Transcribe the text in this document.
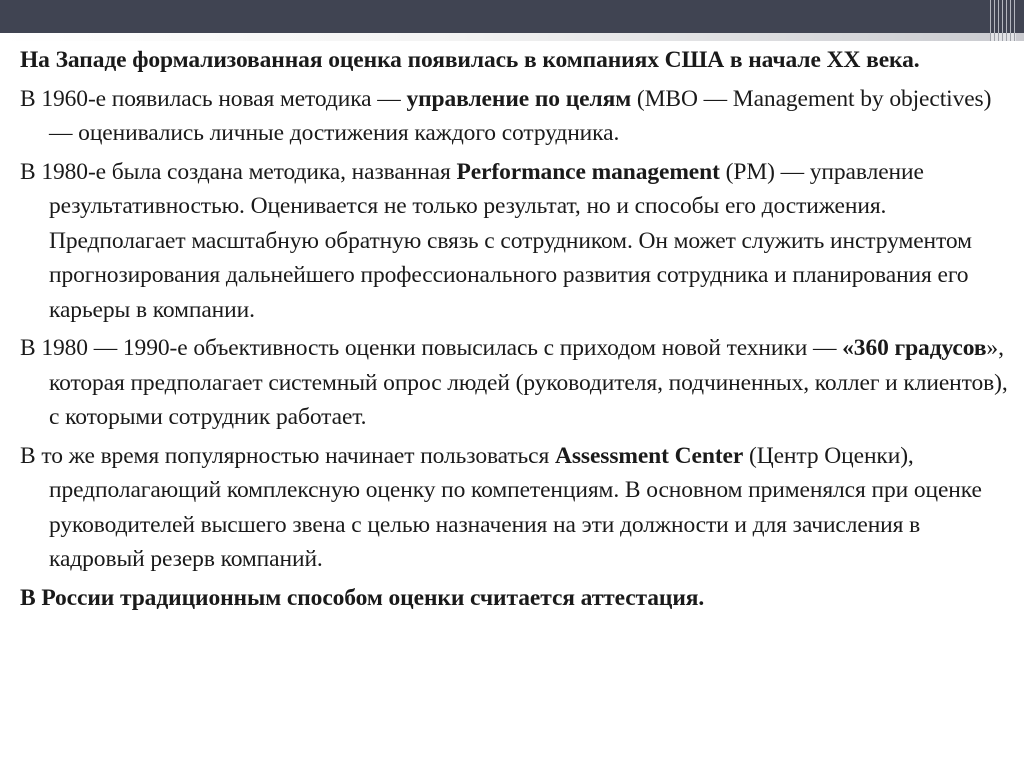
На Западе формализованная оценка появилась в компаниях США в начале XX века.

В 1960-е появилась новая методика — управление по целям (MBO — Management by objectives) — оценивались личные достижения каждого сотрудника.

В 1980-е была создана методика, названная Performance management (PM) — управление результативностью. Оценивается не только результат, но и способы его достижения. Предполагает масштабную обратную связь с сотрудником. Он может служить инструментом прогнозирования дальнейшего профессионального развития сотрудника и планирования его карьеры в компании.

В 1980 — 1990-е объективность оценки повысилась с приходом новой техники — «360 градусов», которая предполагает системный опрос людей (руководителя, подчиненных, коллег и клиентов), с которыми сотрудник работает.

В то же время популярностью начинает пользоваться Assessment Center (Центр Оценки), предполагающий комплексную оценку по компетенциям. В основном применялся при оценке руководителей высшего звена с целью назначения на эти должности и для зачисления в кадровый резерв компаний.

В России традиционным способом оценки считается аттестация.
